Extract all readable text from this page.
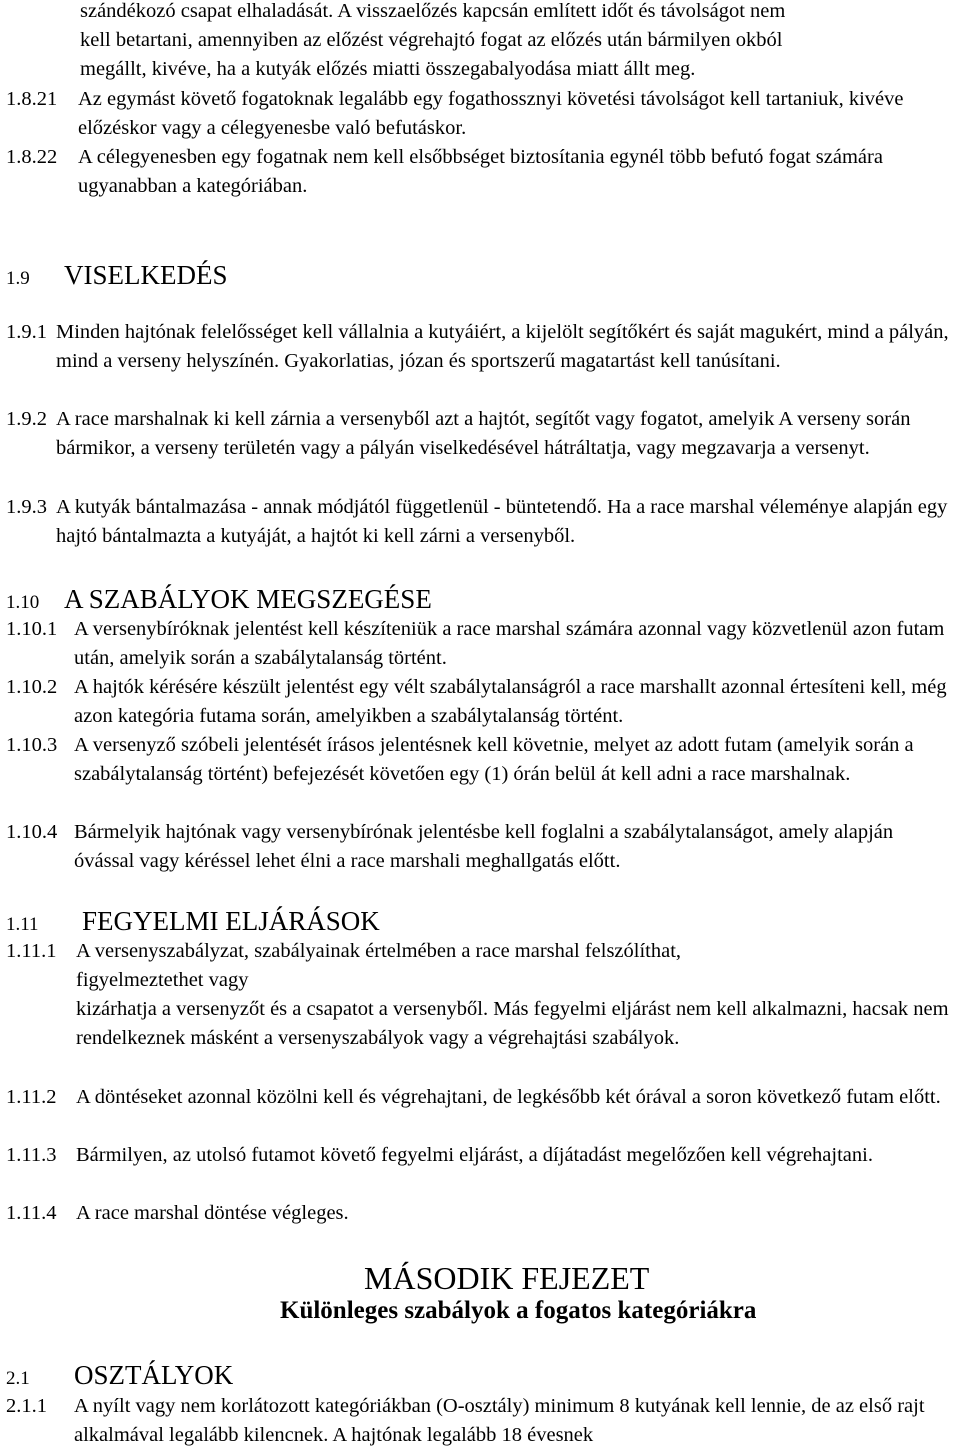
szándékozó csapat elhaladását. A visszaelőzés kapcsán említett időt és távolságot nem
kell betartani, amennyiben az előzést végrehajtó fogat az előzés után bármilyen okból
megállt, kivéve, ha a kutyák előzés miatti összegabalyodása miatt állt meg.
1.8.21	Az egymást követő fogatoknak legalább egy fogathossznyi követési távolságot kell tartaniuk, kivéve előzéskor vagy a célegyenesbe való befutáskor.
1.8.22	A célegyenesben egy fogatnak nem kell elsőbbséget biztosítania egynél több befutó fogat számára ugyanabban a kategóriában.
1.9 VISELKEDÉS
1.9.1 Minden hajtónak felelősséget kell vállalnia a kutyáiért, a kijelölt segítőkért és saját magukért, mind a pályán, mind a verseny helyszínén. Gyakorlatias, józan és sportszerű magatartást kell tanúsítani.
1.9.2 A race marshalnak ki kell zárnia a versenyből azt a hajtót, segítőt vagy fogatot, amelyik A verseny során bármikor, a verseny területén vagy a pályán viselkedésével hátráltatja, vagy megzavarja a versenyt.
1.9.3 A kutyák bántalmazása - annak módjától függetlenül - büntetendő. Ha a race marshal véleménye alapján egy hajtó bántalmazta a kutyáját, a hajtót ki kell zárni a versenyből.
1.10 A SZABÁLYOK MEGSZEGÉSE
1.10.1 A versenybíróknak jelentést kell készíteniük a race marshal számára azonnal vagy közvetlenül azon futam után, amelyik során a szabálytalanság történt.
1.10.2 A hajtók kérésére készült jelentést egy vélt szabálytalanságról a race marshallt azonnal értesíteni kell, még azon kategória futama során, amelyikben a szabálytalanság történt.
1.10.3 A versenyző szóbeli jelentését írásos jelentésnek kell követnie, melyet az adott futam (amelyik során a szabálytalanság történt) befejezését követően egy (1) órán belül át kell adni a race marshalnak.
1.10.4 Bármelyik hajtónak vagy versenybírónak jelentésbe kell foglalni a szabálytalanságot, amely alapján óvással vagy kéréssel lehet élni a race marshali meghallgatás előtt.
1.11 FEGYELMI ELJÁRÁSOK
1.11.1 A versenyszabályzat, szabályainak értelmében a race marshal felszólíthat,
figyelmeztethet vagy
kizárhatja a versenyzőt és a csapatot a versenyből. Más fegyelmi eljárást nem kell alkalmazni, hacsak nem rendelkeznek másként a versenyszabályok vagy a végrehajtási szabályok.
1.11.2 A döntéseket azonnal közölni kell és végrehajtani, de legkésőbb két órával a soron következő futam előtt.
1.11.3 Bármilyen, az utolsó futamot követő fegyelmi eljárást, a díjátadást megelőzően kell végrehajtani.
1.11.4 A race marshal döntése végleges.
MÁSODIK FEJEZET
Különleges szabályok a fogatos kategóriákra
2.1 OSZTÁLYOK
2.1.1	A nyílt vagy nem korlátozott kategóriákban (O-osztály) minimum 8 kutyának kell lennie, de az első rajt alkalmával legalább kilencnek. A hajtónak legalább 18 évesnek
